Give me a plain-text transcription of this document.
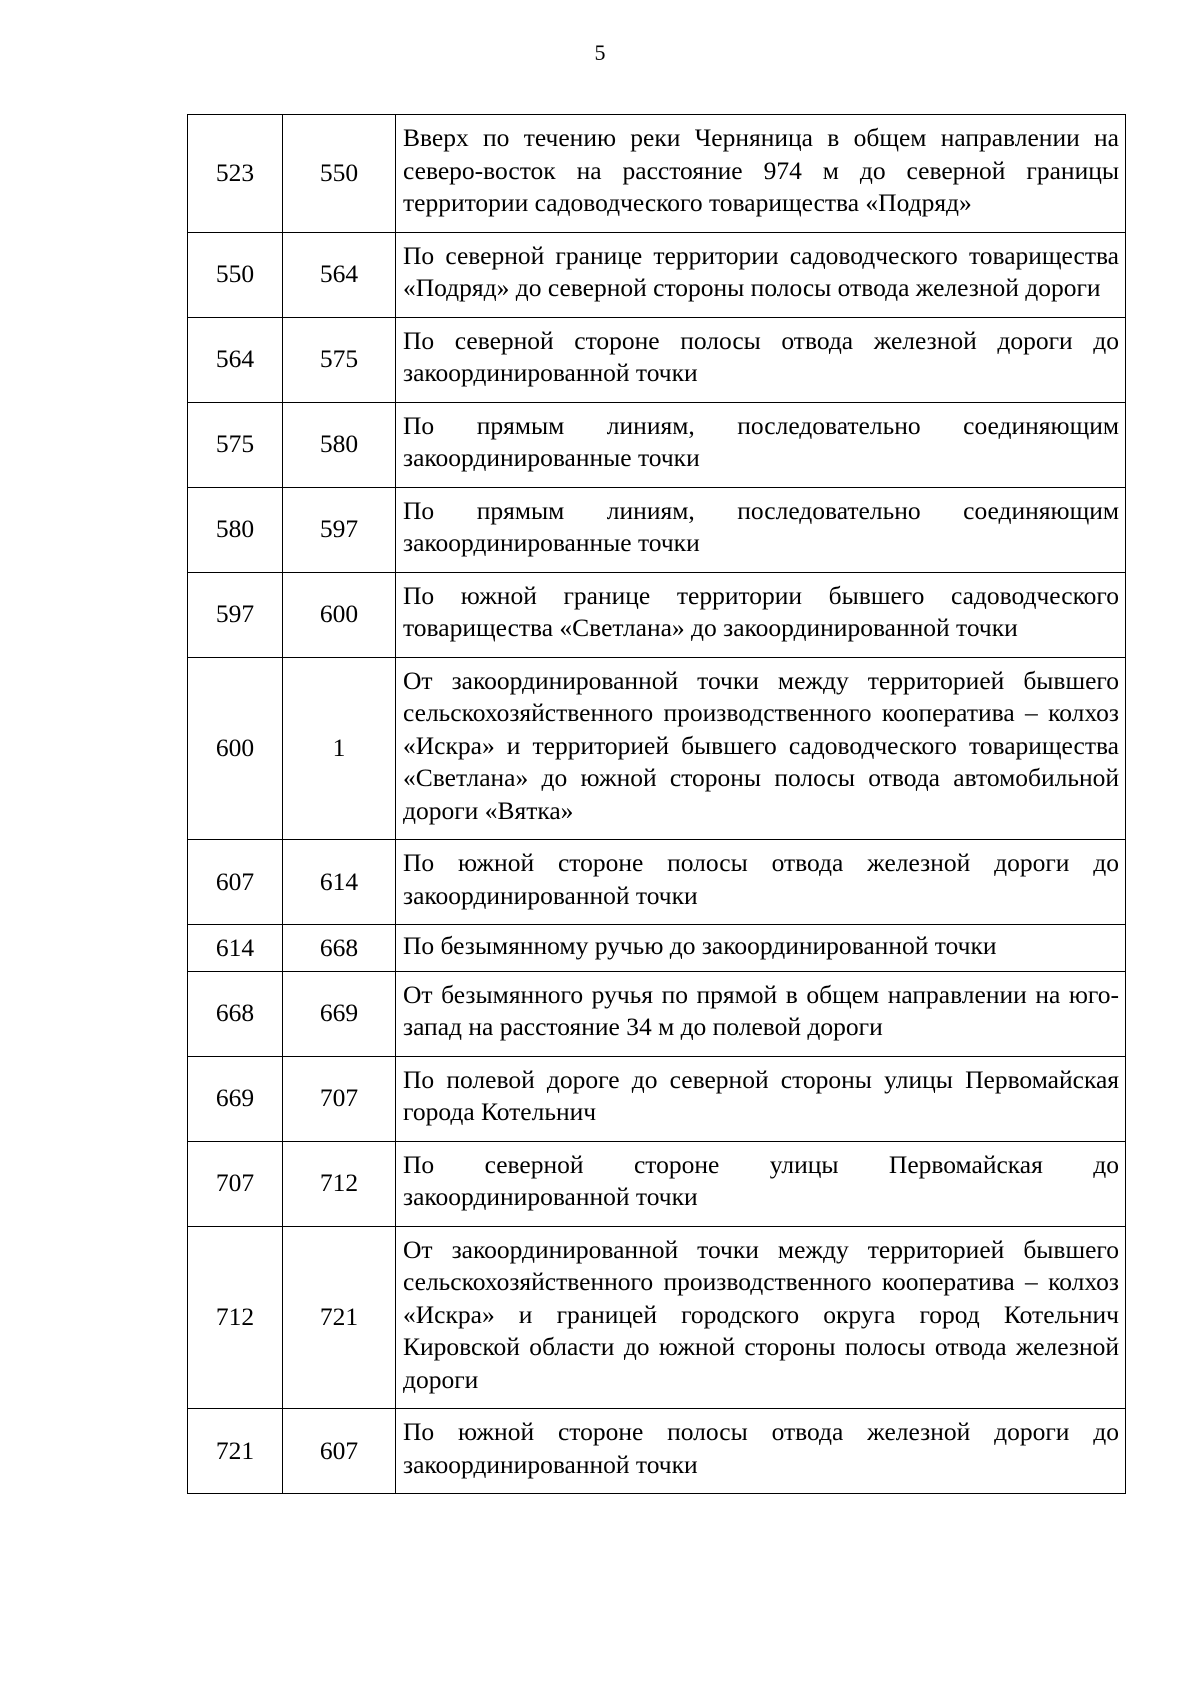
5
523	550	Вверх по течению реки Черняница в общем направлении на северо-восток на расстояние 974 м до северной границы территории садоводческого товарищества «Подряд»
550	564	По северной границе территории садоводческого товарищества «Подряд» до северной стороны полосы отвода железной дороги
564	575	По северной стороне полосы отвода железной дороги до закоординированной точки
575	580	По прямым линиям, последовательно соединяющим закоординированные точки
580	597	По прямым линиям, последовательно соединяющим закоординированные точки
597	600	По южной границе территории бывшего садоводческого товарищества «Светлана» до закоординированной точки
600	1	От закоординированной точки между территорией бывшего сельскохозяйственного производственного кооператива – колхоз «Искра» и территорией бывшего садоводческого товарищества «Светлана» до южной стороны полосы отвода автомобильной дороги «Вятка»
607	614	По южной стороне полосы отвода железной дороги до закоординированной точки
614	668	По безымянному ручью до закоординированной точки
668	669	От безымянного ручья по прямой в общем направлении на юго-запад на расстояние 34 м до полевой дороги
669	707	По полевой дороге до северной стороны улицы Первомайская города Котельнич
707	712	По северной стороне улицы Первомайская до закоординированной точки
712	721	От закоординированной точки между территорией бывшего сельскохозяйственного производственного кооператива – колхоз «Искра» и границей городского округа город Котельнич Кировской области до южной стороны полосы отвода железной дороги
721	607	По южной стороне полосы отвода железной дороги до закоординированной точки
